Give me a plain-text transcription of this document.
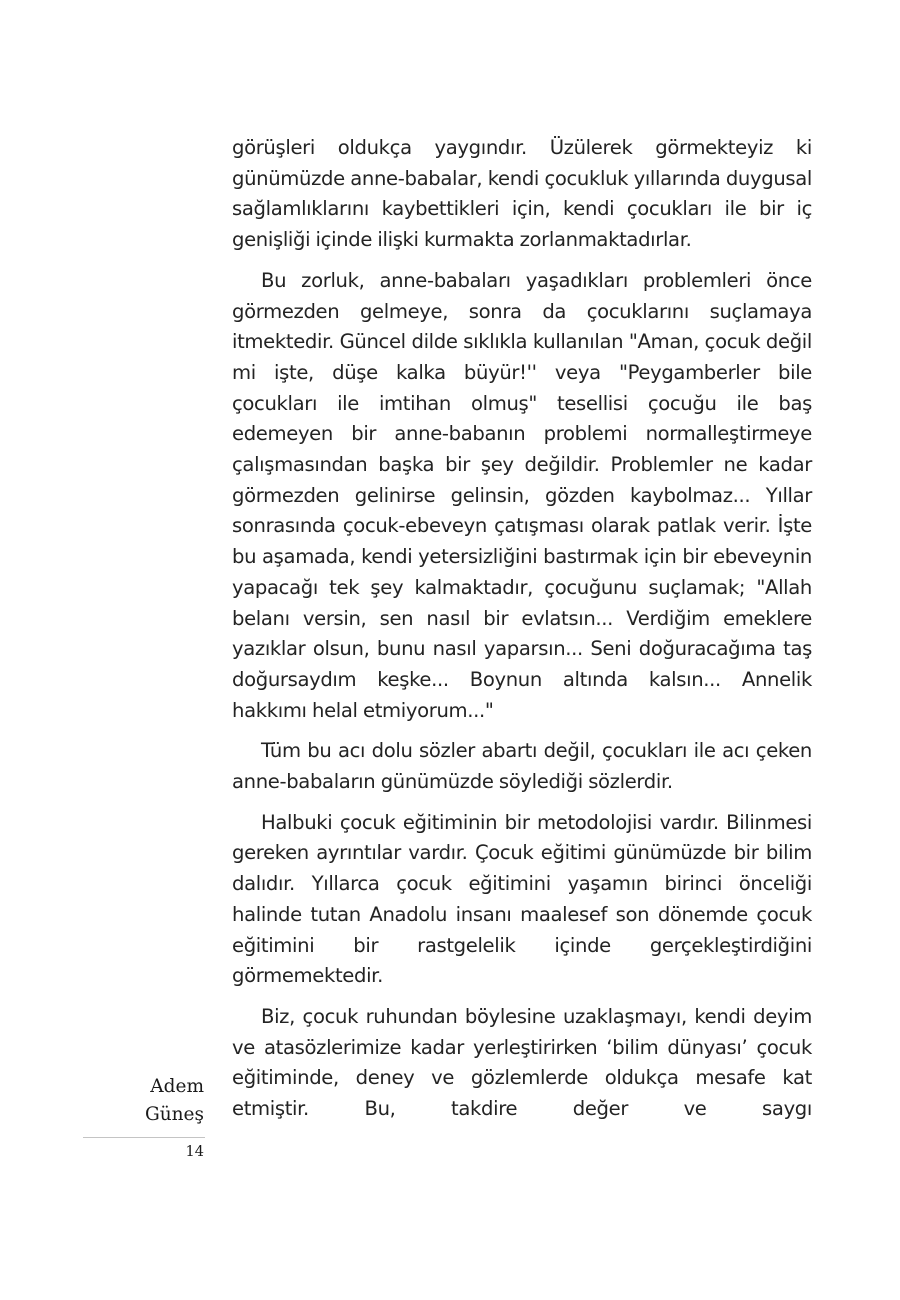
görüşleri oldukça yaygındır. Üzülerek görmekteyiz ki günümüzde anne-babalar, kendi çocukluk yıllarında duygusal sağlamlıklarını kaybettikleri için, kendi çocukları ile bir iç genişliği içinde ilişki kurmakta zorlanmaktadırlar.

Bu zorluk, anne-babaları yaşadıkları problemleri önce görmezden gelmeye, sonra da çocuklarını suçlamaya itmektedir. Güncel dilde sıklıkla kullanılan "Aman, çocuk değil mi işte, düşe kalka büyür!'' veya "Peygamberler bile çocukları ile imtihan olmuş" tesellisi çocuğu ile baş edemeyen bir anne-babanın problemi normalleştirmeye çalışmasından başka bir şey değildir. Problemler ne kadar görmezden gelinirse gelinsin, gözden kaybolmaz... Yıllar sonrasında çocuk-ebeveyn çatışması olarak patlak verir. İşte bu aşamada, kendi yetersizliğini bastırmak için bir ebeveynin yapacağı tek şey kalmaktadır, çocuğunu suçlamak; "Allah belanı versin, sen nasıl bir evlatsın... Verdiğim emeklere yazıklar olsun, bunu nasıl yaparsın... Seni doğuracağıma taş doğursaydım keşke... Boynun altında kalsın... Annelik hakkımı helal etmiyorum..."

Tüm bu acı dolu sözler abartı değil, çocukları ile acı çeken anne-babaların günümüzde söylediği sözlerdir.

Halbuki çocuk eğitiminin bir metodolojisi vardır. Bilinmesi gereken ayrıntılar vardır. Çocuk eğitimi günümüzde bir bilim dalıdır. Yıllarca çocuk eğitimini yaşamın birinci önceliği halinde tutan Anadolu insanı maalesef son dönemde çocuk eğitimini bir rastgelelik içinde gerçekleştirdiğini görmemektedir.

Biz, çocuk ruhundan böylesine uzaklaşmayı, kendi deyim ve atasözlerimize kadar yerleştirirken ‘bilim dünyası’ çocuk eğitiminde, deney ve gözlemlerde oldukça mesafe kat etmiştir. Bu, takdire değer ve saygı

Adem
Güneş
14
